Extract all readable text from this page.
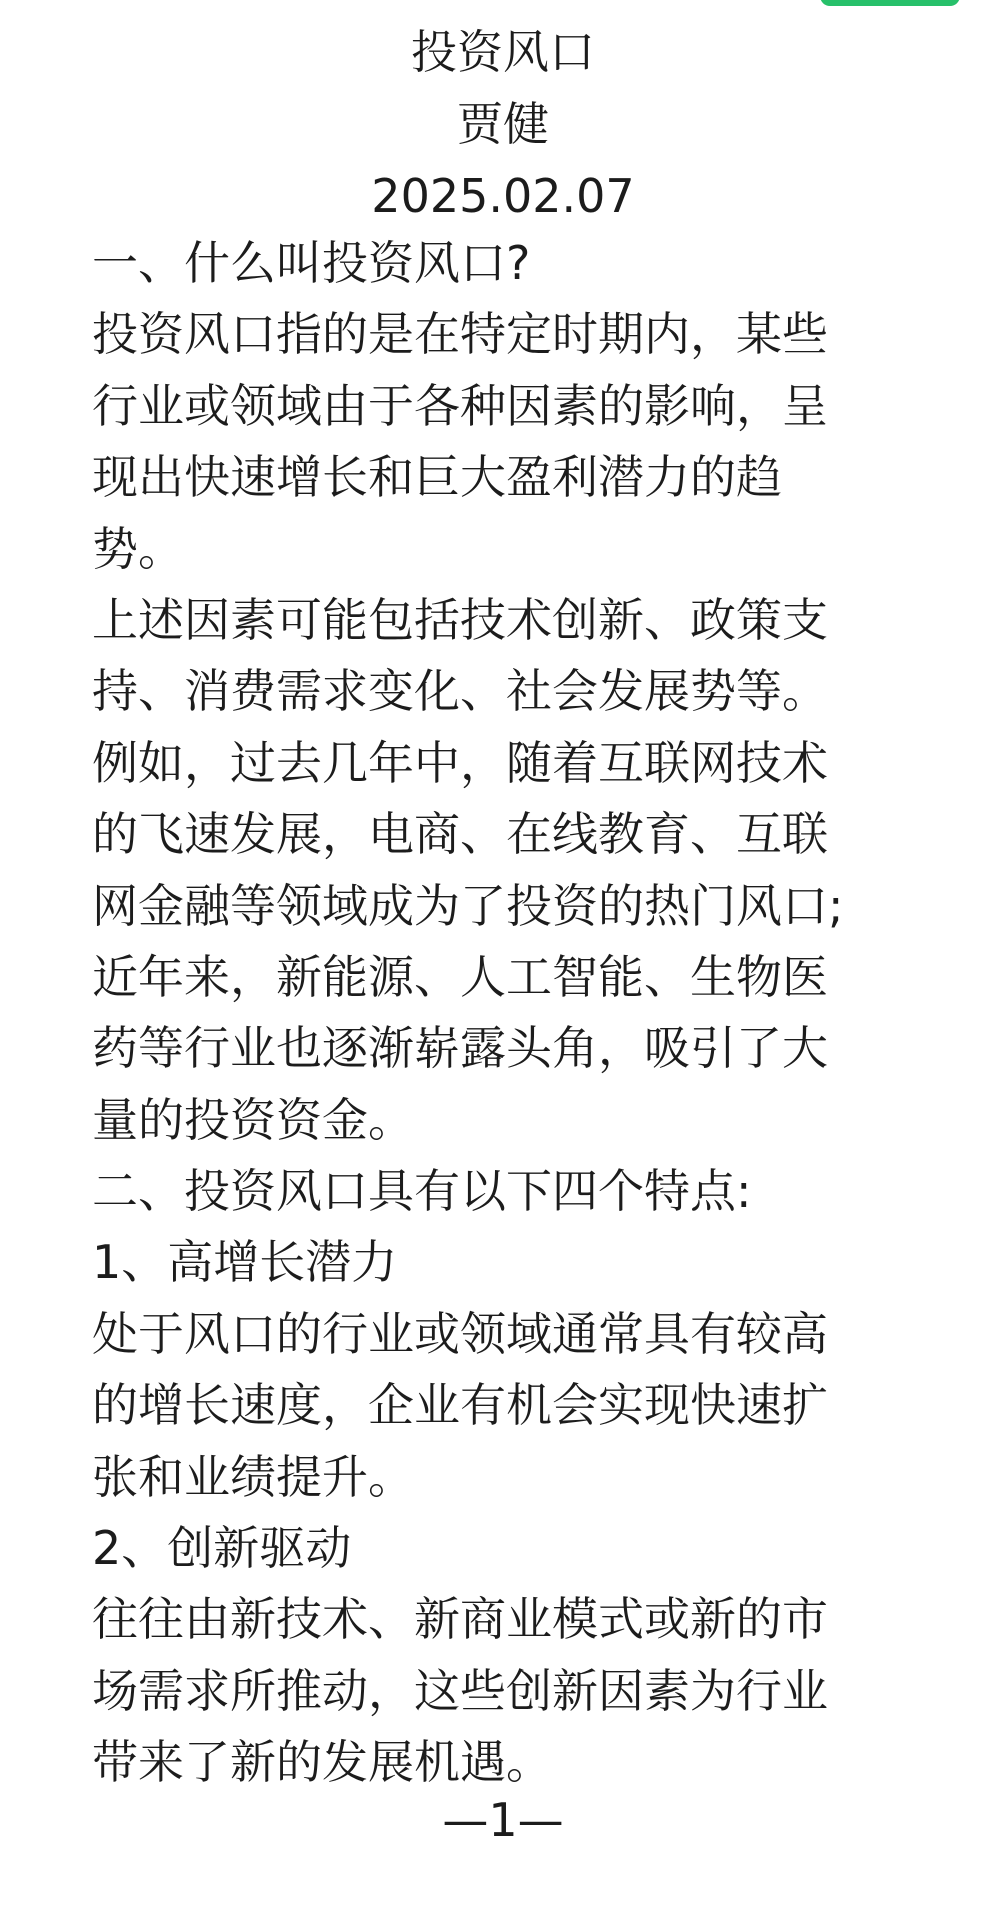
投资风口
贾健
2025.02.07
一、什么叫投资风口?
投资风口指的是在特定时期内，某些
行业或领域由于各种因素的影响，呈
现出快速增长和巨大盈利潜力的趋
势。
上述因素可能包括技术创新、政策支
持、消费需求变化、社会发展势等。
例如，过去几年中，随着互联网技术
的飞速发展，电商、在线教育、互联
网金融等领域成为了投资的热门风口;
近年来，新能源、人工智能、生物医
药等行业也逐渐崭露头角，吸引了大
量的投资资金。
二、投资风口具有以下四个特点:
1、高增长潜力
处于风口的行业或领域通常具有较高
的增长速度，企业有机会实现快速扩
张和业绩提升。
2、创新驱动
往往由新技术、新商业模式或新的市
场需求所推动，这些创新因素为行业
带来了新的发展机遇。
—1—
